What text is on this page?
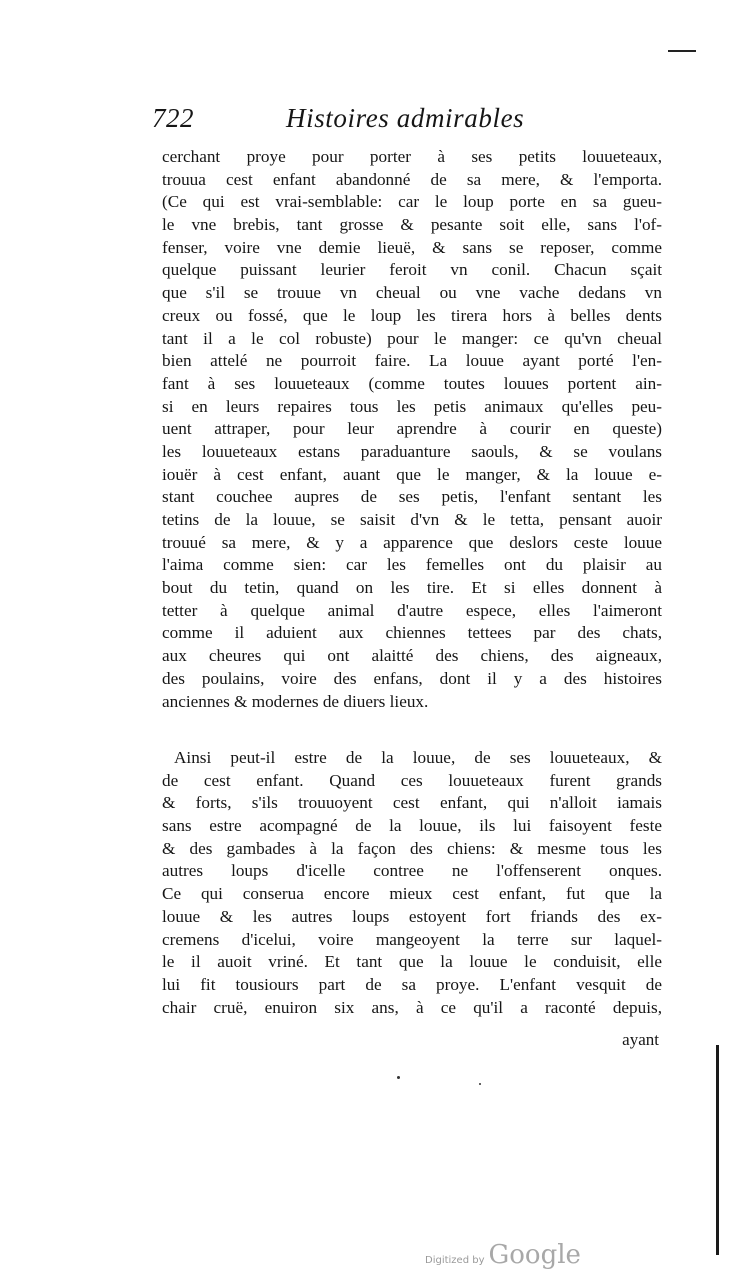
722	Histoires admirables
cerchant proye pour porter à ses petits louueteaux,
trouua cest enfant abandonné de sa mere, & l'emporta.
(Ce qui est vrai-semblable: car le loup porte en sa gueu-
le vne brebis, tant grosse & pesante soit elle, sans l'of-
fenser, voire vne demie lieuë, & sans se reposer, comme
quelque puissant leurier feroit vn conil. Chacun sçait
que s'il se trouue vn cheual ou vne vache dedans vn
creux ou fossé, que le loup les tirera hors à belles dents
tant il a le col robuste) pour le manger: ce qu'vn cheual
bien attelé ne pourroit faire. La louue ayant porté l'en-
fant à ses louueteaux (comme toutes louues portent ain-
si en leurs repaires tous les petis animaux qu'elles peu-
uent attraper, pour leur aprendre à courir en queste)
les louueteaux estans paraduanture saouls, & se voulans
iouër à cest enfant, auant que le manger, & la louue e-
stant couchee aupres de ses petis, l'enfant sentant les
tetins de la louue, se saisit d'vn & le tetta, pensant auoir
trouué sa mere, & y a apparence que deslors ceste louue
l'aima comme sien: car les femelles ont du plaisir au
bout du tetin, quand on les tire. Et si elles donnent à
tetter à quelque animal d'autre espece, elles l'aimeront
comme il aduient aux chiennes tettees par des chats,
aux cheures qui ont alaitté des chiens, des aigneaux,
des poulains, voire des enfans, dont il y a des histoires
anciennes & modernes de diuers lieux.
Ainsi peut-il estre de la louue, de ses louueteaux, &
de cest enfant. Quand ces louueteaux furent grands
& forts, s'ils trouuoyent cest enfant, qui n'alloit iamais
sans estre acompagné de la louue, ils lui faisoyent feste
& des gambades à la façon des chiens: & mesme tous les
autres loups d'icelle contree ne l'offenserent onques.
Ce qui conserua encore mieux cest enfant, fut que la
louue & les autres loups estoyent fort friands des ex-
cremens d'icelui, voire mangeoyent la terre sur laquel-
le il auoit vriné. Et tant que la louue le conduisit, elle
lui fit tousiours part de sa proye. L'enfant vesquit de
chair cruë, enuiron six ans, à ce qu'il a raconté depuis,
ayant
Digitized by Google
